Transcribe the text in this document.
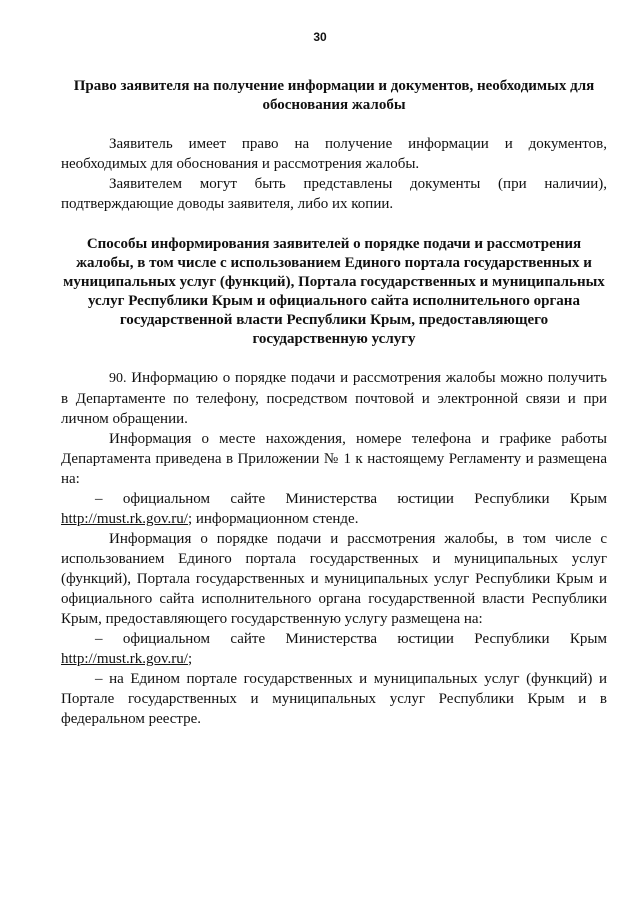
30
Право заявителя на получение информации и документов, необходимых для обоснования жалобы

Заявитель имеет право на получение информации и документов, необходимых для обоснования и рассмотрения жалобы.

Заявителем могут быть представлены документы (при наличии), подтверждающие доводы заявителя, либо их копии.

Способы информирования заявителей о порядке подачи и рассмотрения жалобы, в том числе с использованием Единого портала государственных и муниципальных услуг (функций), Портала государственных и муниципальных услуг Республики Крым и официального сайта исполнительного органа государственной власти Республики Крым, предоставляющего государственную услугу

90. Информацию о порядке подачи и рассмотрения жалобы можно получить в Департаменте по телефону, посредством почтовой и электронной связи и при личном обращении.

Информация о месте нахождения, номере телефона и графике работы Департамента приведена в Приложении № 1 к настоящему Регламенту и размещена на:

– официальном сайте Министерства юстиции Республики Крым http://must.rk.gov.ru/; информационном стенде.

Информация о порядке подачи и рассмотрения жалобы, в том числе с использованием Единого портала государственных и муниципальных услуг (функций), Портала государственных и муниципальных услуг Республики Крым и официального сайта исполнительного органа государственной власти Республики Крым, предоставляющего государственную услугу размещена на:

– официальном сайте Министерства юстиции Республики Крым http://must.rk.gov.ru/;

– на Едином портале государственных и муниципальных услуг (функций) и Портале государственных и муниципальных услуг Республики Крым и в федеральном реестре.
